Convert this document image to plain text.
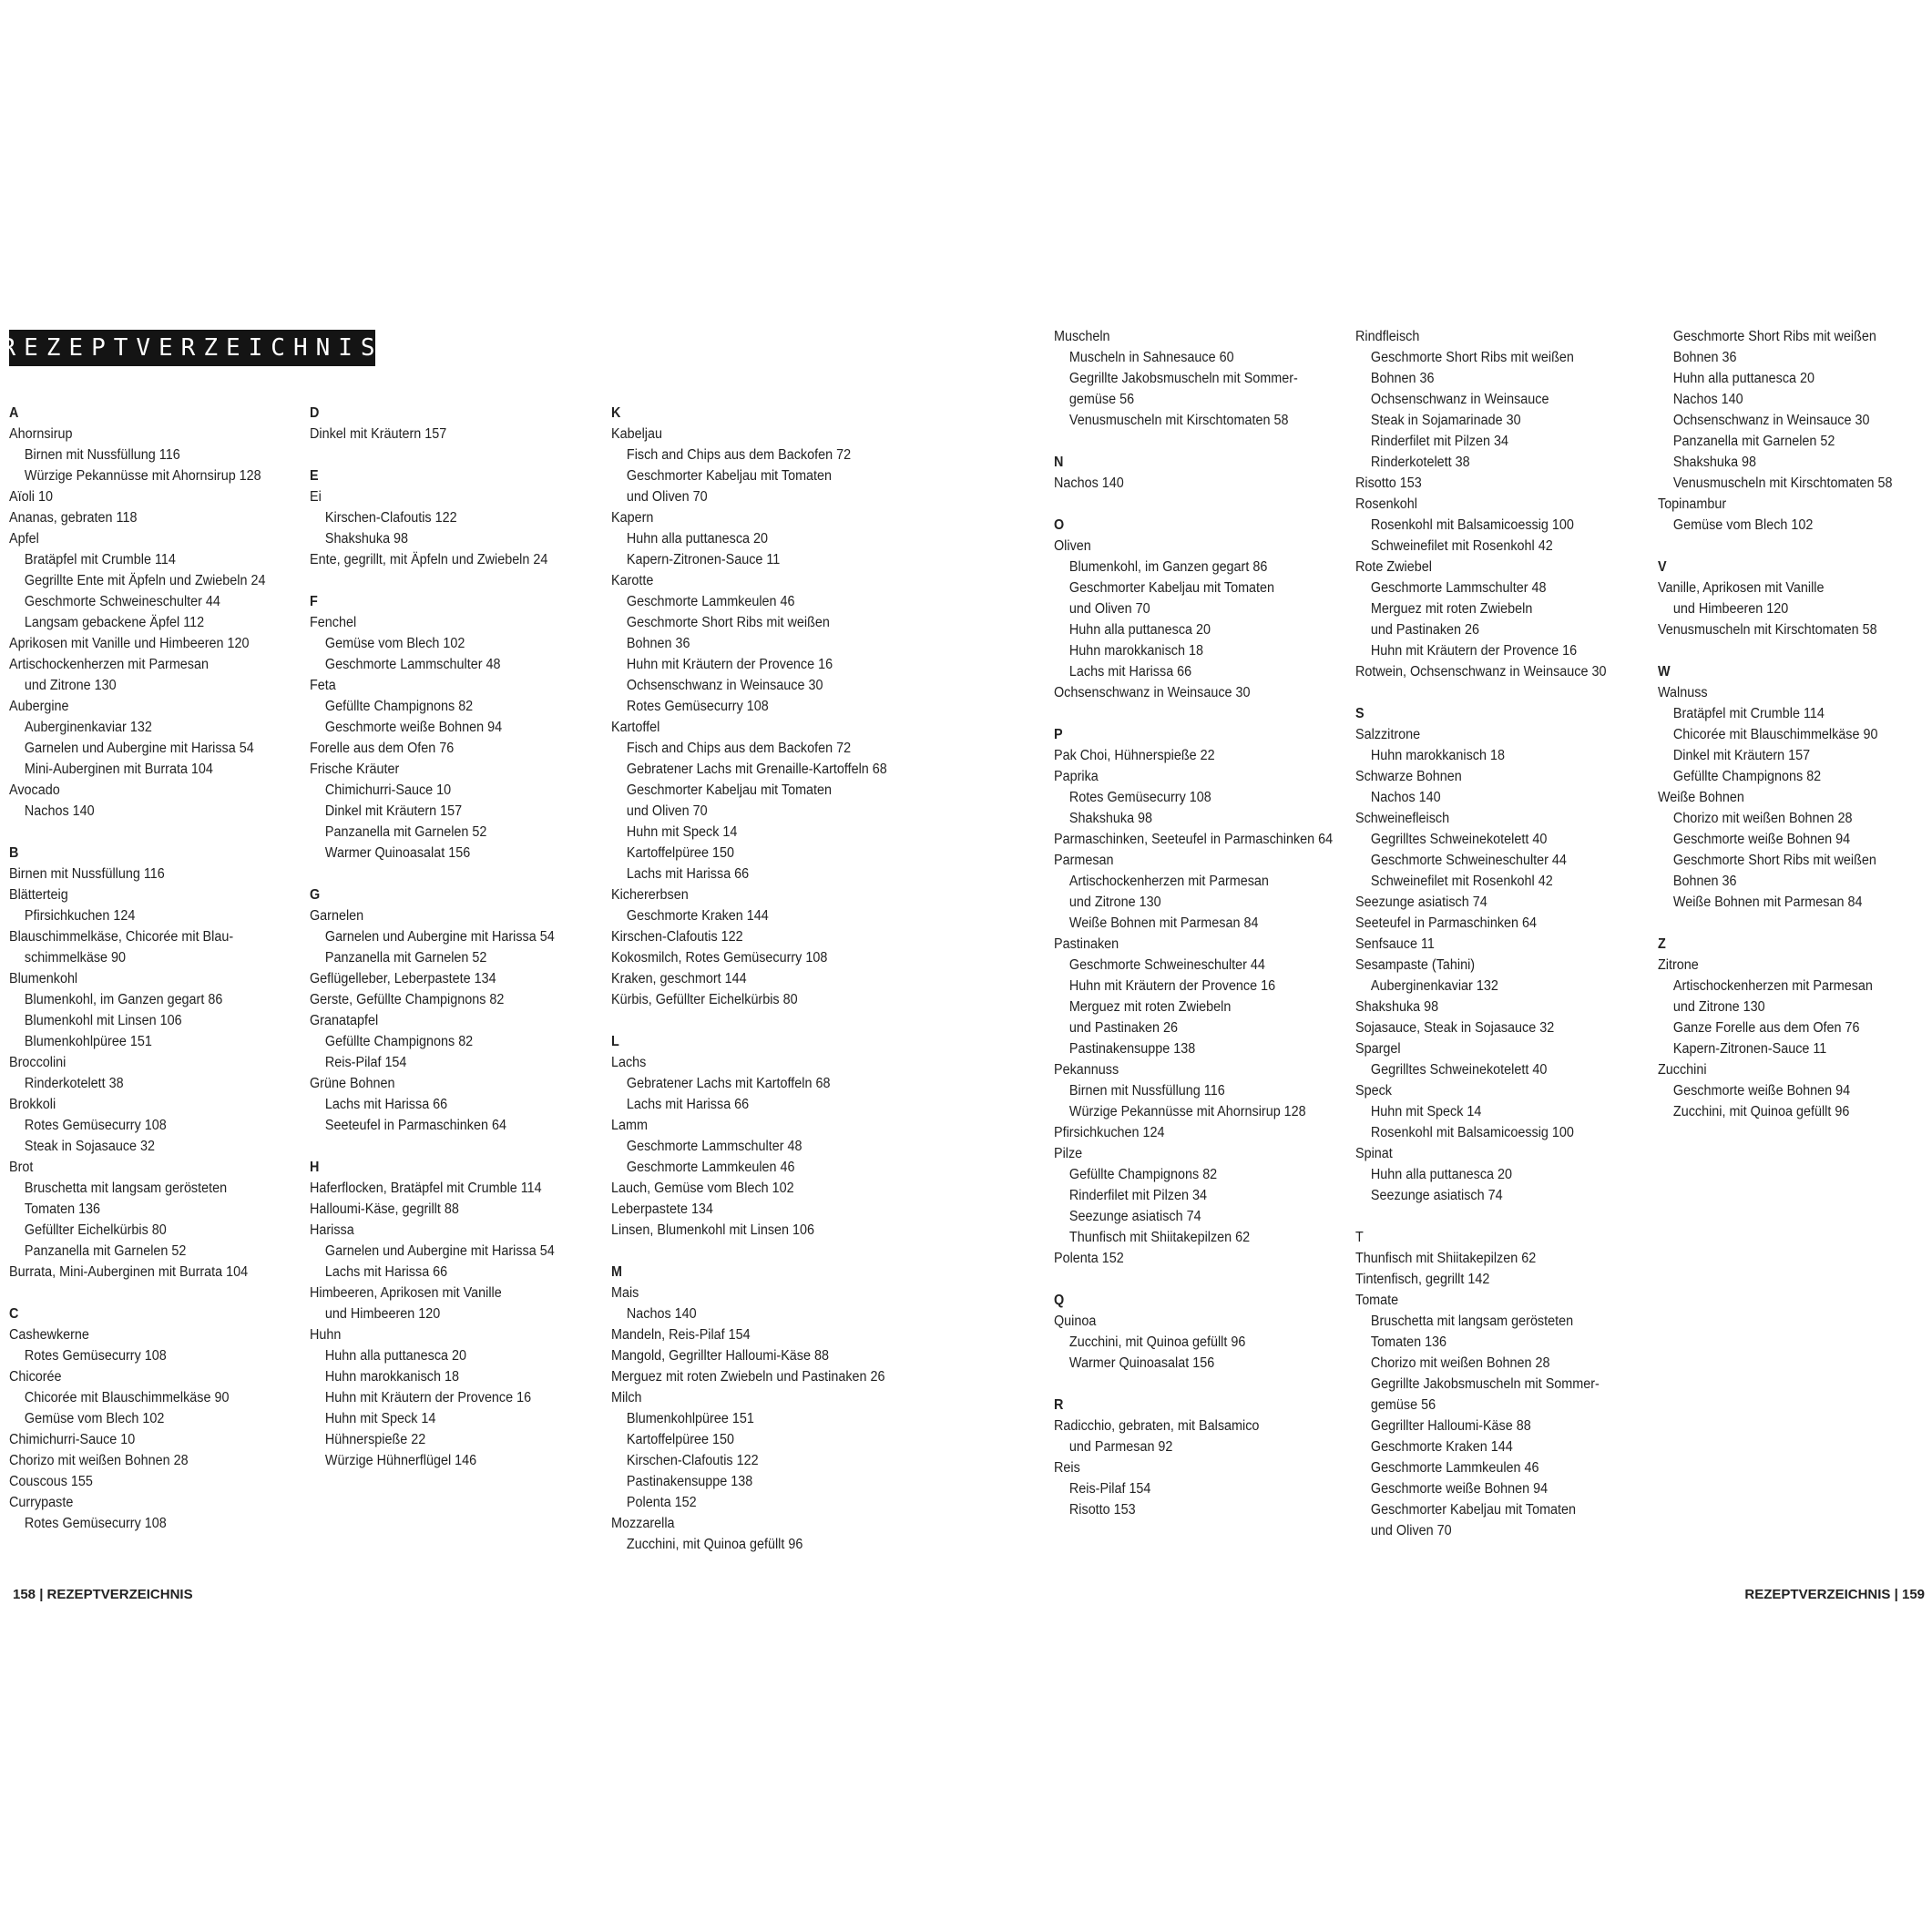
REZEPTVERZEICHNIS
A
Ahornsirup
Birnen mit Nussfüllung 116
Würzige Pekannüsse mit Ahornsirup 128
Aïoli 10
Ananas, gebraten 118
Apfel
Bratäpfel mit Crumble 114
Gegrillte Ente mit Äpfeln und Zwiebeln 24
Geschmorte Schweineschulter 44
Langsam gebackene Äpfel 112
Aprikosen mit Vanille und Himbeeren 120
Artischockenherzen mit Parmesan
und Zitrone 130
Aubergine
Auberginenkaviar 132
Garnelen und Aubergine mit Harissa 54
Mini-Auberginen mit Burrata 104
Avocado
Nachos 140
B
Birnen mit Nussfüllung 116
Blätterteig
Pfirsichkuchen 124
Blauschimmelkäse, Chicorée mit Blau-
schimmelkäse 90
Blumenkohl
Blumenkohl, im Ganzen gegart 86
Blumenkohl mit Linsen 106
Blumenkohlpüree 151
Broccolini
Rinderkotelett 38
Brokkoli
Rotes Gemüsecurry 108
Steak in Sojasauce 32
Brot
Bruschetta mit langsam gerösteten
Tomaten 136
Gefüllter Eichelkürbis 80
Panzanella mit Garnelen 52
Burrata, Mini-Auberginen mit Burrata 104
C
Cashewkerne
Rotes Gemüsecurry 108
Chicorée
Chicorée mit Blauschimmelkäse 90
Gemüse vom Blech 102
Chimichurri-Sauce 10
Chorizo mit weißen Bohnen 28
Couscous 155
Currypaste
Rotes Gemüsecurry 108
D
Dinkel mit Kräutern 157
E
Ei
Kirschen-Clafoutis 122
Shakshuka 98
Ente, gegrillt, mit Äpfeln und Zwiebeln 24
F
Fenchel
Gemüse vom Blech 102
Geschmorte Lammschulter 48
Feta
Gefüllte Champignons 82
Geschmorte weiße Bohnen 94
Forelle aus dem Ofen 76
Frische Kräuter
Chimichurri-Sauce 10
Dinkel mit Kräutern 157
Panzanella mit Garnelen 52
Warmer Quinoasalat 156
G
Garnelen
Garnelen und Aubergine mit Harissa 54
Panzanella mit Garnelen 52
Geflügelleber, Leberpastete 134
Gerste, Gefüllte Champignons 82
Granatapfel
Gefüllte Champignons 82
Reis-Pilaf 154
Grüne Bohnen
Lachs mit Harissa 66
Seeteufel in Parmaschinken 64
H
Haferflocken, Bratäpfel mit Crumble 114
Halloumi-Käse, gegrillt 88
Harissa
Garnelen und Aubergine mit Harissa 54
Lachs mit Harissa 66
Himbeeren, Aprikosen mit Vanille
und Himbeeren 120
Huhn
Huhn alla puttanesca 20
Huhn marokkanisch 18
Huhn mit Kräutern der Provence 16
Huhn mit Speck 14
Hühnerspieße 22
Würzige Hühnerflügel 146
K
Kabeljau
Fisch and Chips aus dem Backofen 72
Geschmorter Kabeljau mit Tomaten
und Oliven 70
Kapern
Huhn alla puttanesca 20
Kapern-Zitronen-Sauce 11
Karotte
Geschmorte Lammkeulen 46
Geschmorte Short Ribs mit weißen
Bohnen 36
Huhn mit Kräutern der Provence 16
Ochsenschwanz in Weinsauce 30
Rotes Gemüsecurry 108
Kartoffel
Fisch and Chips aus dem Backofen 72
Gebratener Lachs mit Grenaille-Kartoffeln 68
Geschmorter Kabeljau mit Tomaten
und Oliven 70
Huhn mit Speck 14
Kartoffelpüree 150
Lachs mit Harissa 66
Kichererbsen
Geschmorte Kraken 144
Kirschen-Clafoutis 122
Kokosmilch, Rotes Gemüsecurry 108
Kraken, geschmort 144
Kürbis, Gefüllter Eichelkürbis 80
L
Lachs
Gebratener Lachs mit Kartoffeln 68
Lachs mit Harissa 66
Lamm
Geschmorte Lammschulter 48
Geschmorte Lammkeulen 46
Lauch, Gemüse vom Blech 102
Leberpastete 134
Linsen, Blumenkohl mit Linsen 106
M
Mais
Nachos 140
Mandeln, Reis-Pilaf 154
Mangold, Gegrillter Halloumi-Käse 88
Merguez mit roten Zwiebeln und Pastinaken 26
Milch
Blumenkohlpüree 151
Kartoffelpüree 150
Kirschen-Clafoutis 122
Pastinakensuppe 138
Polenta 152
Mozzarella
Zucchini, mit Quinoa gefüllt 96
Muscheln
Muscheln in Sahnesauce 60
Gegrillte Jakobsmuscheln mit Sommer-
gemüse 56
Venusmuscheln mit Kirschtomaten 58
N
Nachos 140
O
Oliven
Blumenkohl, im Ganzen gegart 86
Geschmorter Kabeljau mit Tomaten
und Oliven 70
Huhn alla puttanesca 20
Huhn marokkanisch 18
Lachs mit Harissa 66
Ochsenschwanz in Weinsauce 30
P
Pak Choi, Hühnerspieße 22
Paprika
Rotes Gemüsecurry 108
Shakshuka 98
Parmaschinken, Seeteufel in Parmaschinken 64
Parmesan
Artischockenherzen mit Parmesan
und Zitrone 130
Weiße Bohnen mit Parmesan 84
Pastinaken
Geschmorte Schweineschulter 44
Huhn mit Kräutern der Provence 16
Merguez mit roten Zwiebeln
und Pastinaken 26
Pastinakensuppe 138
Pekannuss
Birnen mit Nussfüllung 116
Würzige Pekannüsse mit Ahornsirup 128
Pfirsichkuchen 124
Pilze
Gefüllte Champignons 82
Rinderfilet mit Pilzen 34
Seezunge asiatisch 74
Thunfisch mit Shiitakepilzen 62
Polenta 152
Q
Quinoa
Zucchini, mit Quinoa gefüllt 96
Warmer Quinoasalat 156
R
Radicchio, gebraten, mit Balsamico
und Parmesan 92
Reis
Reis-Pilaf 154
Risotto 153
Rindfleisch
Geschmorte Short Ribs mit weißen
Bohnen 36
Ochsenschwanz in Weinsauce
Steak in Sojamarinade 30
Rinderfilet mit Pilzen 34
Rinderkotelett 38
Risotto 153
Rosenkohl
Rosenkohl mit Balsamicoessig 100
Schweinefilet mit Rosenkohl 42
Rote Zwiebel
Geschmorte Lammschulter 48
Merguez mit roten Zwiebeln
und Pastinaken 26
Huhn mit Kräutern der Provence 16
Rotwein, Ochsenschwanz in Weinsauce 30
S
Salzzitrone
Huhn marokkanisch 18
Schwarze Bohnen
Nachos 140
Schweinefleisch
Gegrilltes Schweinekotelett 40
Geschmorte Schweineschulter 44
Schweinefilet mit Rosenkohl 42
Seezunge asiatisch 74
Seeteufel in Parmaschinken 64
Senfsauce 11
Sesampaste (Tahini)
Auberginenkaviar 132
Shakshuka 98
Sojasauce, Steak in Sojasauce 32
Spargel
Gegrilltes Schweinekotelett 40
Speck
Huhn mit Speck 14
Rosenkohl mit Balsamicoessig 100
Spinat
Huhn alla puttanesca 20
Seezunge asiatisch 74
T
Thunfisch mit Shiitakepilzen 62
Tintenfisch, gegrillt 142
Tomate
Bruschetta mit langsam gerösteten
Tomaten 136
Chorizo mit weißen Bohnen 28
Gegrillte Jakobsmuscheln mit Sommer-
gemüse 56
Gegrillter Halloumi-Käse 88
Geschmorte Kraken 144
Geschmorte Lammkeulen 46
Geschmorte weiße Bohnen 94
Geschmorter Kabeljau mit Tomaten
und Oliven 70
Geschmorte Short Ribs mit weißen
Bohnen 36
Huhn alla puttanesca 20
Nachos 140
Ochsenschwanz in Weinsauce 30
Panzanella mit Garnelen 52
Shakshuka 98
Venusmuscheln mit Kirschtomaten 58
Topinambur
Gemüse vom Blech 102
V
Vanille, Aprikosen mit Vanille
und Himbeeren 120
Venusmuscheln mit Kirschtomaten 58
W
Walnuss
Bratäpfel mit Crumble 114
Chicorée mit Blauschimmelkäse 90
Dinkel mit Kräutern 157
Gefüllte Champignons 82
Weiße Bohnen
Chorizo mit weißen Bohnen 28
Geschmorte weiße Bohnen 94
Geschmorte Short Ribs mit weißen
Bohnen 36
Weiße Bohnen mit Parmesan 84
Z
Zitrone
Artischockenherzen mit Parmesan
und Zitrone 130
Ganze Forelle aus dem Ofen 76
Kapern-Zitronen-Sauce 11
Zucchini
Geschmorte weiße Bohnen 94
Zucchini, mit Quinoa gefüllt 96
158 | REZEPTVERZEICHNIS	REZEPTVERZEICHNIS | 159
